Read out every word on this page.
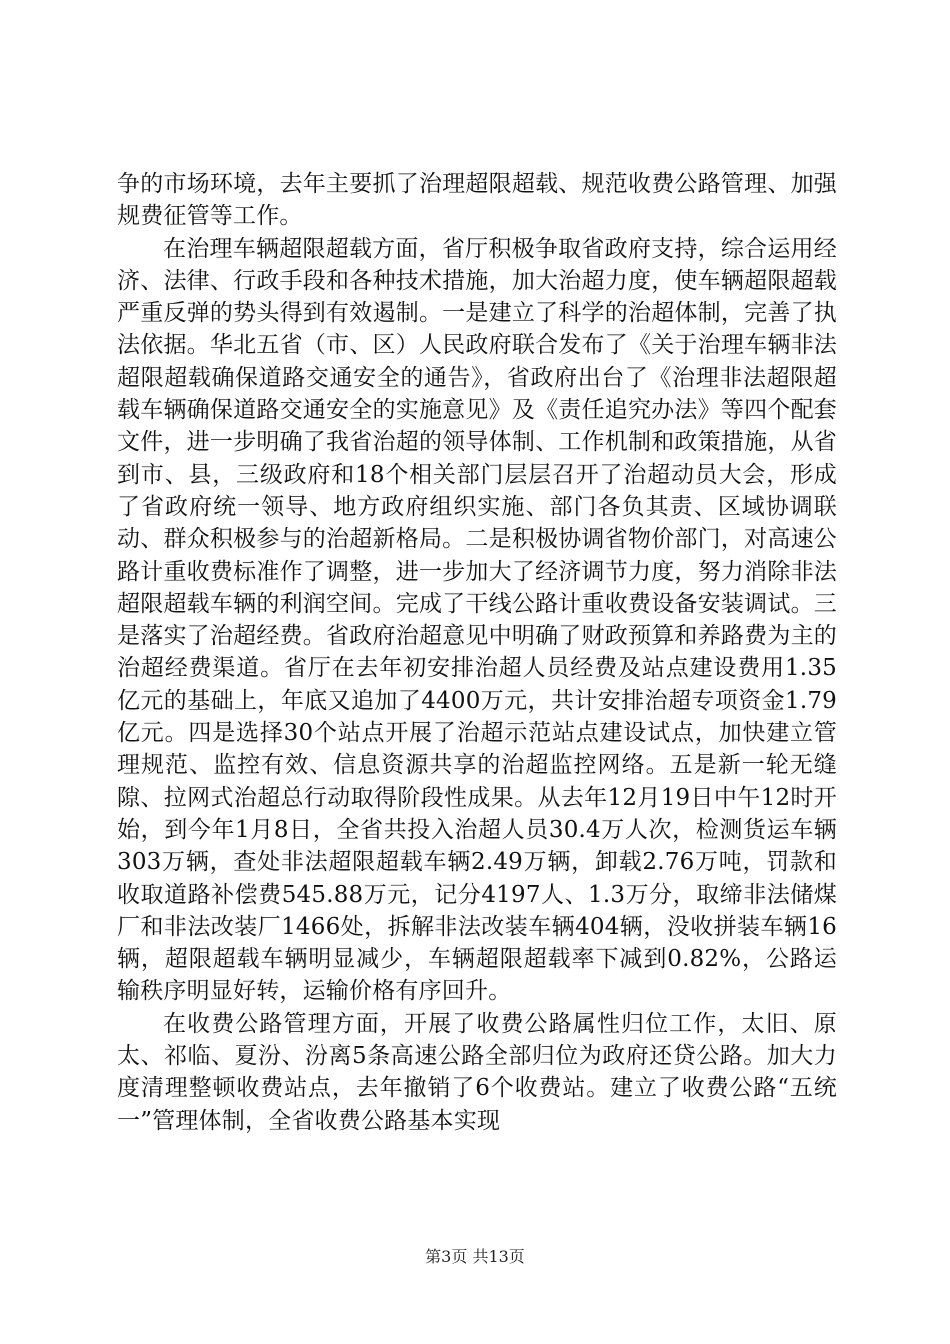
争的市场环境，去年主要抓了治理超限超载、规范收费公路管理、加强规费征管等工作。

在治理车辆超限超载方面，省厅积极争取省政府支持，综合运用经济、法律、行政手段和各种技术措施，加大治超力度，使车辆超限超载严重反弹的势头得到有效遏制。一是建立了科学的治超体制，完善了执法依据。华北五省（市、区）人民政府联合发布了《关于治理车辆非法超限超载确保道路交通安全的通告》，省政府出台了《治理非法超限超载车辆确保道路交通安全的实施意见》及《责任追究办法》等四个配套文件，进一步明确了我省治超的领导体制、工作机制和政策措施，从省到市、县，三级政府和18个相关部门层层召开了治超动员大会，形成了省政府统一领导、地方政府组织实施、部门各负其责、区域协调联动、群众积极参与的治超新格局。二是积极协调省物价部门，对高速公路计重收费标准作了调整，进一步加大了经济调节力度，努力消除非法超限超载车辆的利润空间。完成了干线公路计重收费设备安装调试。三是落实了治超经费。省政府治超意见中明确了财政预算和养路费为主的治超经费渠道。省厅在去年初安排治超人员经费及站点建设费用1.35亿元的基础上，年底又追加了4400万元，共计安排治超专项资金1.79亿元。四是选择30个站点开展了治超示范站点建设试点，加快建立管理规范、监控有效、信息资源共享的治超监控网络。五是新一轮无缝隙、拉网式治超总行动取得阶段性成果。从去年12月19日中午12时开始，到今年1月8日，全省共投入治超人员30.4万人次，检测货运车辆303万辆，查处非法超限超载车辆2.49万辆，卸载2.76万吨，罚款和收取道路补偿费545.88万元，记分4197人、1.3万分，取缔非法储煤厂和非法改装厂1466处，拆解非法改装车辆404辆，没收拼装车辆16辆，超限超载车辆明显减少，车辆超限超载率下减到0.82%，公路运输秩序明显好转，运输价格有序回升。

在收费公路管理方面，开展了收费公路属性归位工作，太旧、原太、祁临、夏汾、汾离5条高速公路全部归位为政府还贷公路。加大力度清理整顿收费站点，去年撤销了6个收费站。建立了收费公路“五统一”管理体制，全省收费公路基本实现

第3页 共13页
